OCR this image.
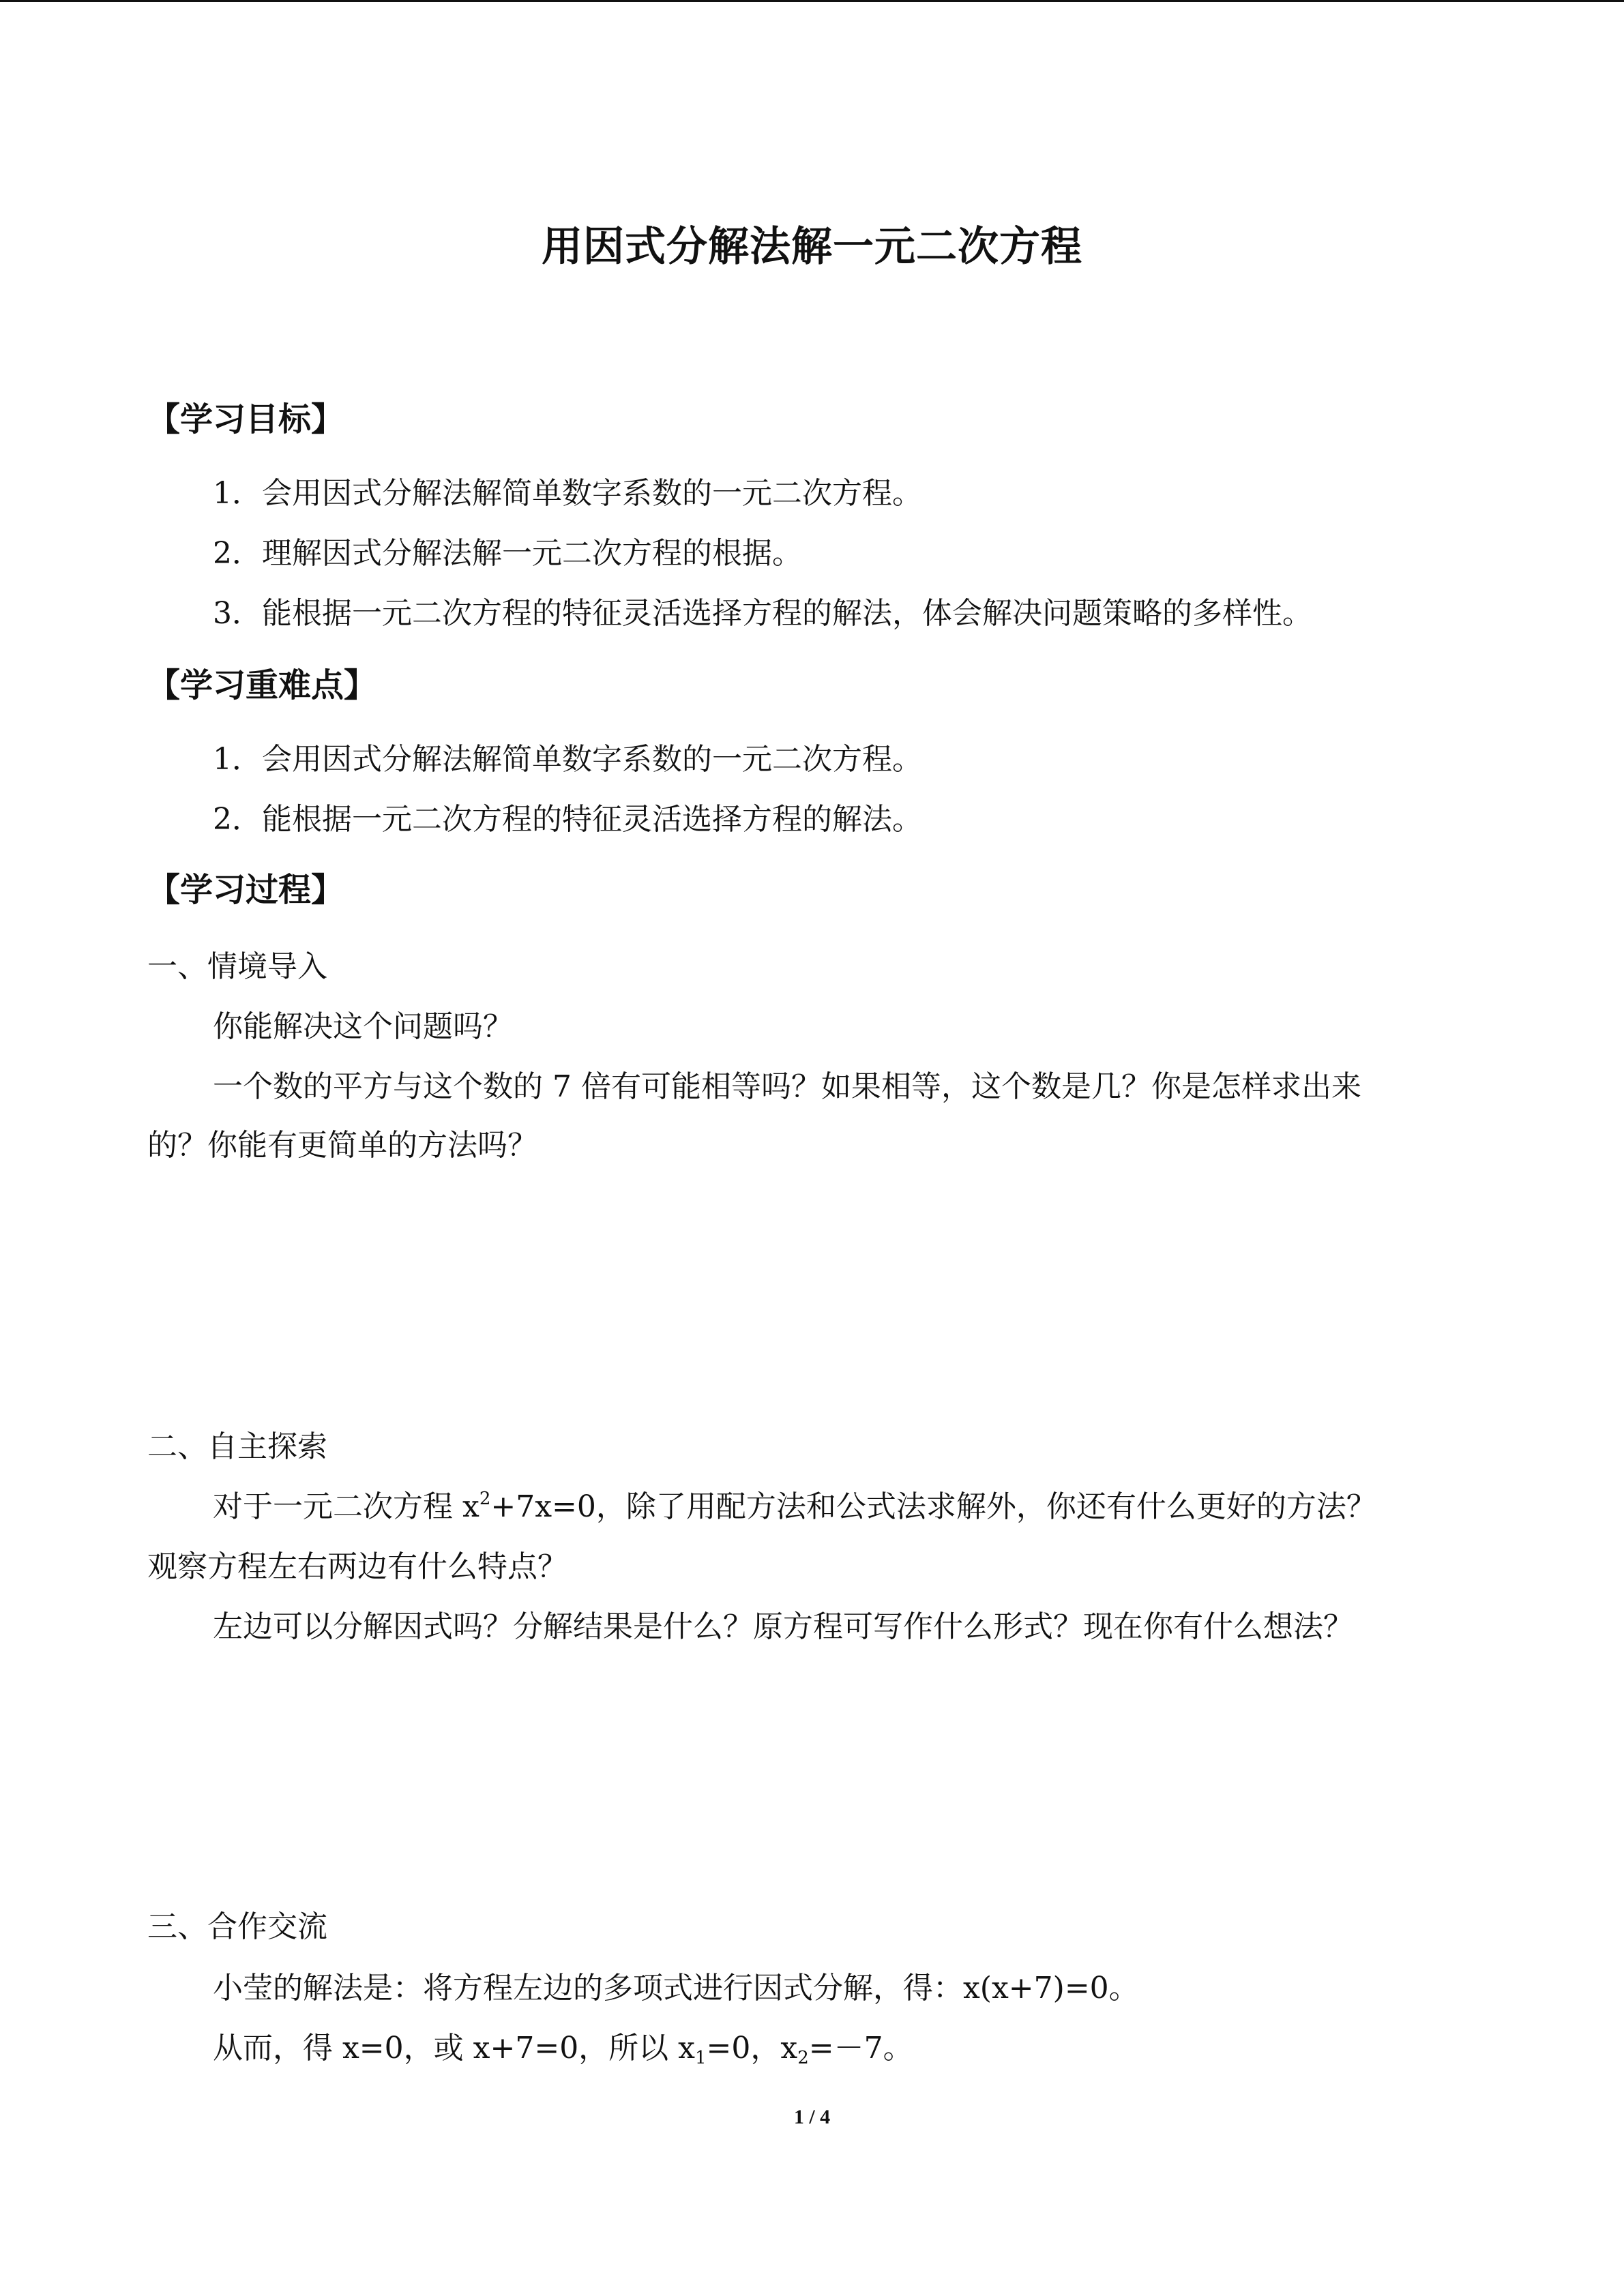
用因式分解法解一元二次方程
【学习目标】
1．会用因式分解法解简单数字系数的一元二次方程。
2．理解因式分解法解一元二次方程的根据。
3．能根据一元二次方程的特征灵活选择方程的解法，体会解决问题策略的多样性。
【学习重难点】
1．会用因式分解法解简单数字系数的一元二次方程。
2．能根据一元二次方程的特征灵活选择方程的解法。
【学习过程】
一、情境导入
你能解决这个问题吗？
一个数的平方与这个数的 7 倍有可能相等吗？如果相等，这个数是几？你是怎样求出来
的？你能有更简单的方法吗？
二、自主探索
对于一元二次方程 $x^2+7x=0$，除了用配方法和公式法求解外，你还有什么更好的方法？
观察方程左右两边有什么特点？
左边可以分解因式吗？分解结果是什么？原方程可写作什么形式？现在你有什么想法？
三、合作交流
小莹的解法是：将方程左边的多项式进行因式分解，得：x(x+7)=0。
从而，得 x=0，或 x+7=0，所以 $x_1=0$，$x_2=-7$。
1 / 4
